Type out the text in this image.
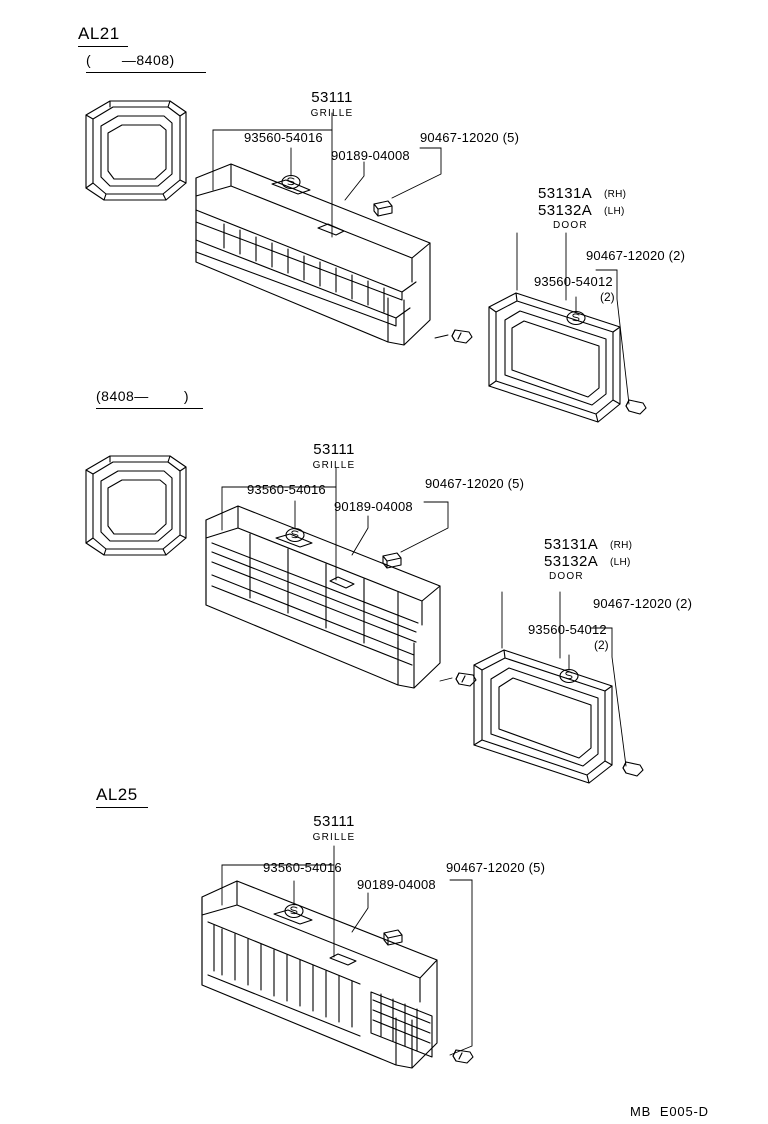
AL21
(       —8408)
53111
GRILLE
93560-54016	90467-12020 (5)
90189-04008
53131A (RH)
53132A (LH)
DOOR
90467-12020 (2)
93560-54012
(2)
(8408—        )
53111
GRILLE
93560-54016	90467-12020 (5)
90189-04008
53131A (RH)
53132A (LH)
DOOR
90467-12020 (2)
93560-54012
(2)
AL25
53111
GRILLE
93560-54016	90467-12020 (5)
90189-04008
MB  E005-D
